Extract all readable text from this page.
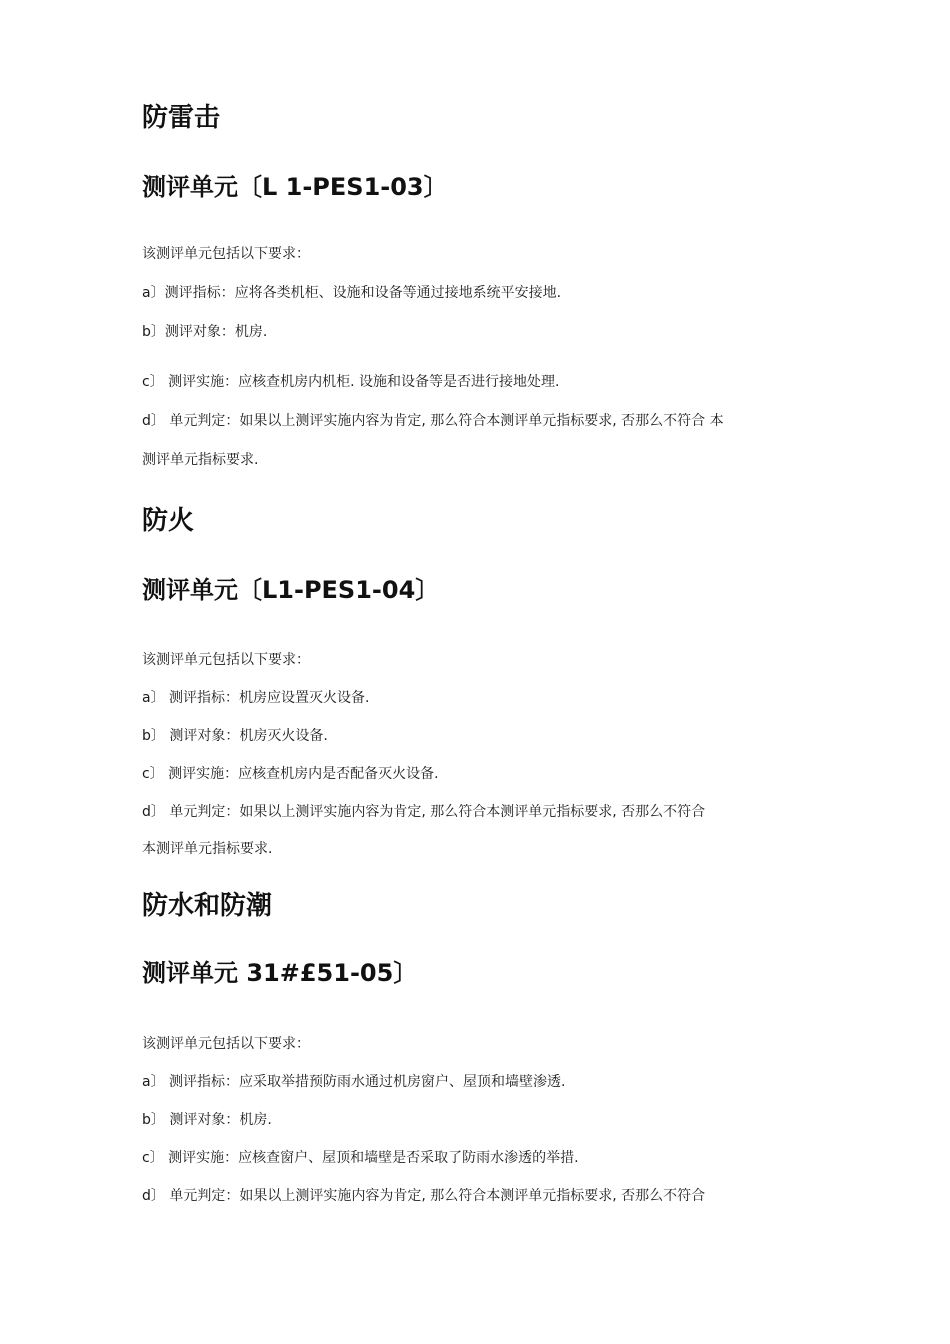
防雷击
测评单元〔L 1-PES1-03〕
该测评单元包括以下要求：
a〕测评指标：应将各类机柜、设施和设备等通过接地系统平安接地.
b〕测评对象：机房.
c〕 测评实施：应核查机房内机柜. 设施和设备等是否进行接地处理.
d〕 单元判定：如果以上测评实施内容为肯定, 那么符合本测评单元指标要求, 否那么不符合 本
测评单元指标要求.
防火
测评单元〔L1-PES1-04〕
该测评单元包括以下要求：
a〕 测评指标：机房应设置灭火设备.
b〕 测评对象：机房灭火设备.
c〕 测评实施：应核查机房内是否配备灭火设备.
d〕 单元判定：如果以上测评实施内容为肯定, 那么符合本测评单元指标要求, 否那么不符合
本测评单元指标要求.
防水和防潮
测评单元 31#£51-05〕
该测评单元包括以下要求：
a〕 测评指标：应采取举措预防雨水通过机房窗户、屋顶和墙壁渗透.
b〕 测评对象：机房.
c〕 测评实施：应核查窗户、屋顶和墙壁是否采取了防雨水渗透的举措.
d〕 单元判定：如果以上测评实施内容为肯定, 那么符合本测评单元指标要求, 否那么不符合
